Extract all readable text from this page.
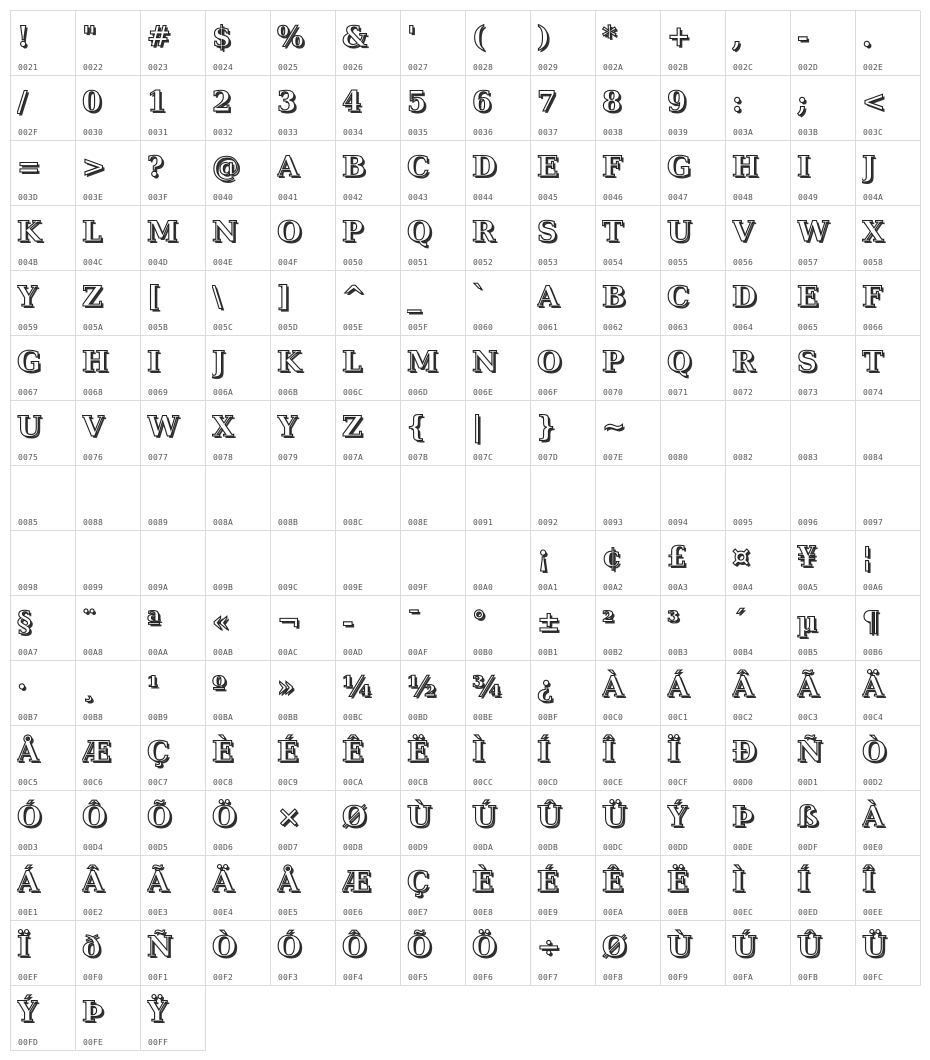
!
0021
"
0022
#
0023
$
0024
%
0025
&
0026
'
0027
(
0028
)
0029
*
002A
+
002B
,
002C
-
002D
.
002E
/
002F
0
0030
1
0031
2
0032
3
0033
4
0034
5
0035
6
0036
7
0037
8
0038
9
0039
:
003A
;
003B
<
003C
=
003D
>
003E
?
003F
@
0040
A
0041
B
0042
C
0043
D
0044
E
0045
F
0046
G
0047
H
0048
I
0049
J
004A
K
004B
L
004C
M
004D
N
004E
O
004F
P
0050
Q
0051
R
0052
S
0053
T
0054
U
0055
V
0056
W
0057
X
0058
Y
0059
Z
005A
[
005B
\
005C
]
005D
^
005E
_
005F
`
0060
A
0061
B
0062
C
0063
D
0064
E
0065
F
0066
G
0067
H
0068
I
0069
J
006A
K
006B
L
006C
M
006D
N
006E
O
006F
P
0070
Q
0071
R
0072
S
0073
T
0074
U
0075
V
0076
W
0077
X
0078
Y
0079
Z
007A
{
007B
|
007C
}
007D
~
007E	0080	0082	0083	0084
0085	0088	0089	008A	008B	008C	008E	0091	0092	0093	0094	0095	0096	0097
0098	0099	009A	009B	009C	009E	009F	00A0
¡
00A1
¢
00A2
£
00A3
¤
00A4
¥
00A5
¦
00A6
§
00A7
¨
00A8
ª
00AA
«
00AB
¬
00AC
-
00AD
¯
00AF
°
00B0
±
00B1
²
00B2
³
00B3
´
00B4
µ
00B5
¶
00B6
·
00B7
¸
00B8
¹
00B9
º
00BA
»
00BB
¼
00BC
½
00BD
¾
00BE
¿
00BF
À
00C0
Á
00C1
Â
00C2
Ã
00C3
Ä
00C4
Å
00C5
Æ
00C6
Ç
00C7
È
00C8
É
00C9
Ê
00CA
Ë
00CB
Ì
00CC
Í
00CD
Î
00CE
Ï
00CF
Ð
00D0
Ñ
00D1
Ò
00D2
Ó
00D3
Ô
00D4
Õ
00D5
Ö
00D6
×
00D7
Ø
00D8
Ù
00D9
Ú
00DA
Û
00DB
Ü
00DC
Ý
00DD
Þ
00DE
ß
00DF
À
00E0
Á
00E1
Â
00E2
Ã
00E3
Ä
00E4
Å
00E5
Æ
00E6
Ç
00E7
È
00E8
É
00E9
Ê
00EA
Ë
00EB
Ì
00EC
Í
00ED
Î
00EE
Ï
00EF
ð
00F0
Ñ
00F1
Ò
00F2
Ó
00F3
Ô
00F4
Õ
00F5
Ö
00F6
÷
00F7
Ø
00F8
Ù
00F9
Ú
00FA
Û
00FB
Ü
00FC
Ý
00FD
Þ
00FE
Ÿ
00FF
